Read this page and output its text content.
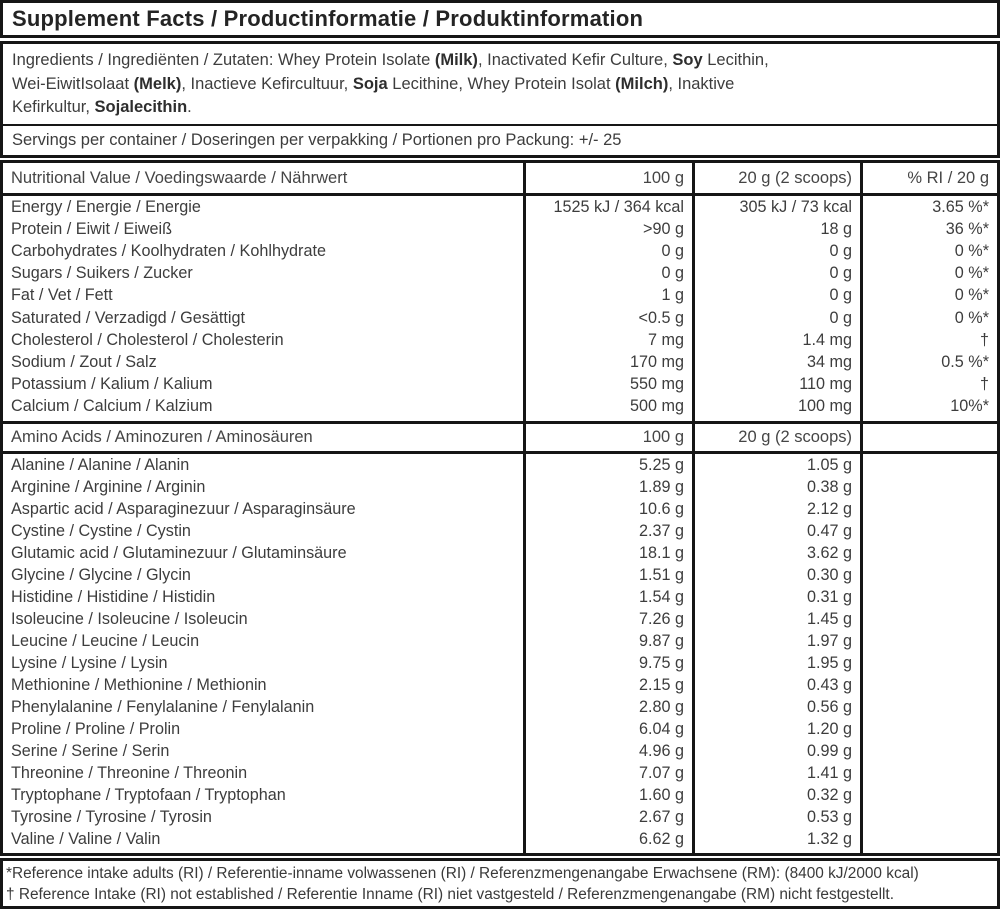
Supplement Facts / Productinformatie / Produktinformation
Ingredients / Ingrediënten / Zutaten: Whey Protein Isolate (Milk), Inactivated Kefir Culture, Soy Lecithin,
Wei-EiwitIsolaat (Melk), Inactieve Kefircultuur, Soja Lecithine, Whey Protein Isolat (Milch), Inaktive
Kefirkultur, Sojalecithin.
Servings per container / Doseringen per verpakking / Portionen pro Packung: +/- 25
Nutritional Value / Voedingswaarde / Nährwert	100 g	20 g (2 scoops)	% RI / 20 g
Energy / Energie / Energie	1525 kJ / 364 kcal	305 kJ / 73 kcal	3.65 %*
Protein / Eiwit / Eiweiß	>90 g	18 g	36 %*
Carbohydrates / Koolhydraten / Kohlhydrate	0 g	0 g	0 %*
Sugars / Suikers / Zucker	0 g	0 g	0 %*
Fat / Vet / Fett	1 g	0 g	0 %*
Saturated / Verzadigd / Gesättigt	<0.5 g	0 g	0 %*
Cholesterol / Cholesterol / Cholesterin	7 mg	1.4 mg	†
Sodium / Zout / Salz	170 mg	34 mg	0.5 %*
Potassium / Kalium / Kalium	550 mg	110 mg	†
Calcium / Calcium / Kalzium	500 mg	100 mg	10%*
Amino Acids / Aminozuren / Aminosäuren	100 g	20 g (2 scoops)
Alanine / Alanine / Alanin	5.25 g	1.05 g
Arginine / Arginine / Arginin	1.89 g	0.38 g
Aspartic acid / Asparaginezuur / Asparaginsäure	10.6 g	2.12 g
Cystine / Cystine / Cystin	2.37 g	0.47 g
Glutamic acid / Glutaminezuur / Glutaminsäure	18.1 g	3.62 g
Glycine / Glycine / Glycin	1.51 g	0.30 g
Histidine / Histidine / Histidin	1.54 g	0.31 g
Isoleucine / Isoleucine / Isoleucin	7.26 g	1.45 g
Leucine / Leucine / Leucin	9.87 g	1.97 g
Lysine / Lysine / Lysin	9.75 g	1.95 g
Methionine / Methionine / Methionin	2.15 g	0.43 g
Phenylalanine / Fenylalanine / Fenylalanin	2.80 g	0.56 g
Proline / Proline / Prolin	6.04 g	1.20 g
Serine / Serine / Serin	4.96 g	0.99 g
Threonine / Threonine / Threonin	7.07 g	1.41 g
Tryptophane / Tryptofaan / Tryptophan	1.60 g	0.32 g
Tyrosine / Tyrosine / Tyrosin	2.67 g	0.53 g
Valine / Valine / Valin	6.62 g	1.32 g
*Reference intake adults (RI) / Referentie-inname volwassenen (RI) / Referenzmengenangabe Erwachsene (RM): (8400 kJ/2000 kcal)
† Reference Intake (RI) not established / Referentie Inname (RI) niet vastgesteld / Referenzmengenangabe (RM) nicht festgestellt.
